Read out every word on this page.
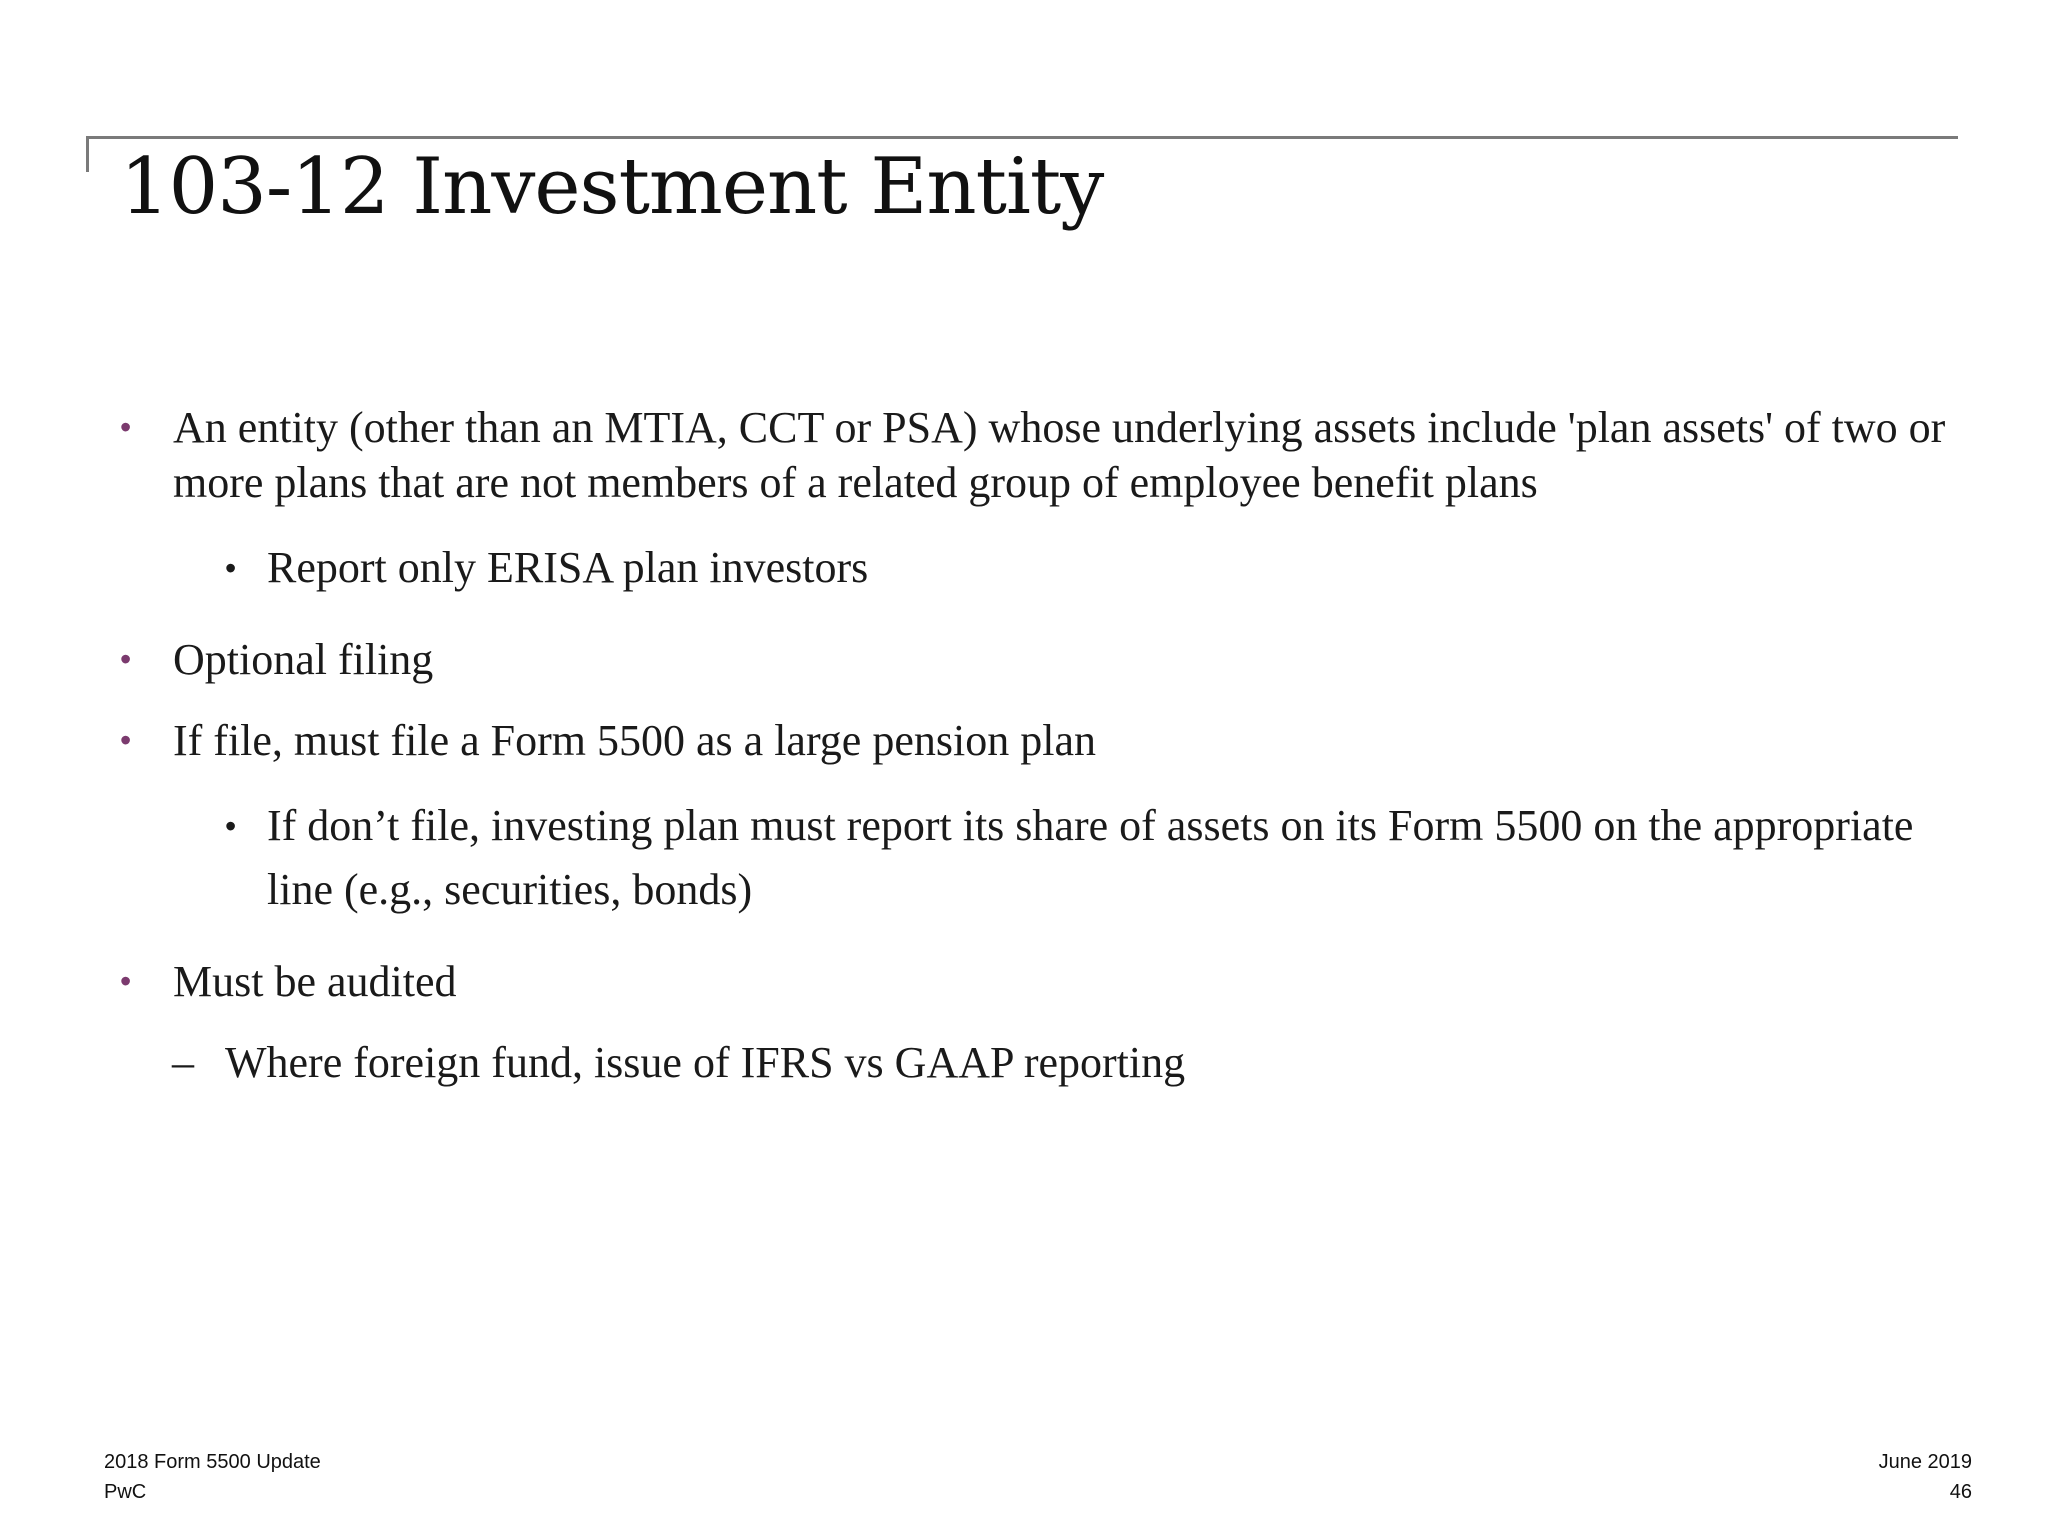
103-12 Investment Entity
• An entity (other than an MTIA, CCT or PSA) whose underlying assets include 'plan assets' of two or more plans that are not members of a related group of employee benefit plans
• Report only ERISA plan investors
• Optional filing
• If file, must file a Form 5500 as a large pension plan
• If don’t file, investing plan must report its share of assets on its Form 5500 on the appropriate line (e.g., securities, bonds)
• Must be audited
– Where foreign fund, issue of IFRS vs GAAP reporting
2018 Form 5500 Update
PwC
June 2019
46
